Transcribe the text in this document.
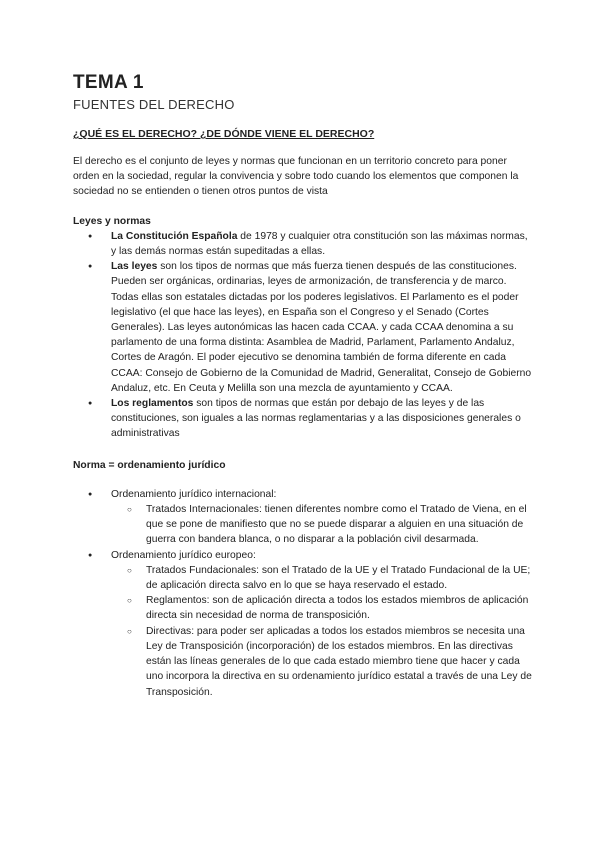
TEMA 1
FUENTES DEL DERECHO
¿QUÉ ES EL DERECHO? ¿DE DÓNDE VIENE EL DERECHO?

El derecho es el conjunto de leyes y normas que funcionan en un territorio concreto para poner orden en la sociedad, regular la convivencia y sobre todo cuando los elementos que componen la sociedad no se entienden o tienen otros puntos de vista

Leyes y normas
● La Constitución Española de 1978 y cualquier otra constitución son las máximas normas, y las demás normas están supeditadas a ellas.
● Las leyes son los tipos de normas que más fuerza tienen después de las constituciones. Pueden ser orgánicas, ordinarias, leyes de armonización, de transferencia y de marco. Todas ellas son estatales dictadas por los poderes legislativos. El Parlamento es el poder legislativo (el que hace las leyes), en España son el Congreso y el Senado (Cortes Generales). Las leyes autonómicas las hacen cada CCAA. y cada CCAA denomina a su parlamento de una forma distinta: Asamblea de Madrid, Parlament, Parlamento Andaluz, Cortes de Aragón. El poder ejecutivo se denomina también de forma diferente en cada CCAA: Consejo de Gobierno de la Comunidad de Madrid, Generalitat, Consejo de Gobierno Andaluz, etc. En Ceuta y Melilla son una mezcla de ayuntamiento y CCAA.
● Los reglamentos son tipos de normas que están por debajo de las leyes y de las constituciones, son iguales a las normas reglamentarias y a las disposiciones generales o administrativas
Norma = ordenamiento jurídico
● Ordenamiento jurídico internacional:
○ Tratados Internacionales: tienen diferentes nombre como el Tratado de Viena, en el que se pone de manifiesto que no se puede disparar a alguien en una situación de guerra con bandera blanca, o no disparar a la población civil desarmada.
● Ordenamiento jurídico europeo:
○ Tratados Fundacionales: son el Tratado de la UE y el Tratado Fundacional de la UE; de aplicación directa salvo en lo que se haya reservado el estado.
○ Reglamentos: son de aplicación directa a todos los estados miembros de aplicación directa sin necesidad de norma de transposición.
○ Directivas: para poder ser aplicadas a todos los estados miembros se necesita una Ley de Transposición (incorporación) de los estados miembros. En las directivas están las líneas generales de lo que cada estado miembro tiene que hacer y cada uno incorpora la directiva en su ordenamiento jurídico estatal a través de una Ley de Transposición.
